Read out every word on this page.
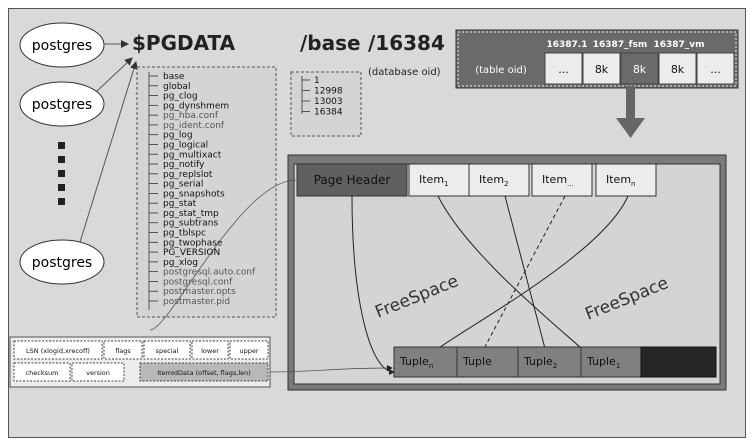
postgres
postgres
postgres
$PGDATA	/base /16384
(database oid)
base
global
pg_clog
pg_dynshmem
pg_hba.conf
pg_ident.conf
pg_log
pg_logical
pg_multixact
pg_notify
pg_replslot
pg_serial
pg_snapshots
pg_stat
pg_stat_tmp
pg_subtrans
pg_tblspc
pg_twophase
PG_VERSION
pg_xlog
postgresql.auto.conf
postgresql.conf
postmaster.opts
postmaster.pid
1
12998
13003
16384
16387.1 16387_fsm 16387_vm
(table oid)	... 8k 8k 8k ...
Page Header	Item$_1$	Item$_2$	Item$_{...}$	Item$_n$
FreeSpace	FreeSpace
Tuple$_n$	Tuple	Tuple$_2$	Tuple$_1$
LSN (xlogid,xrecoff)	flags	special	lower	upper
checksum	version	ItemIdData (offset, flags,len)
